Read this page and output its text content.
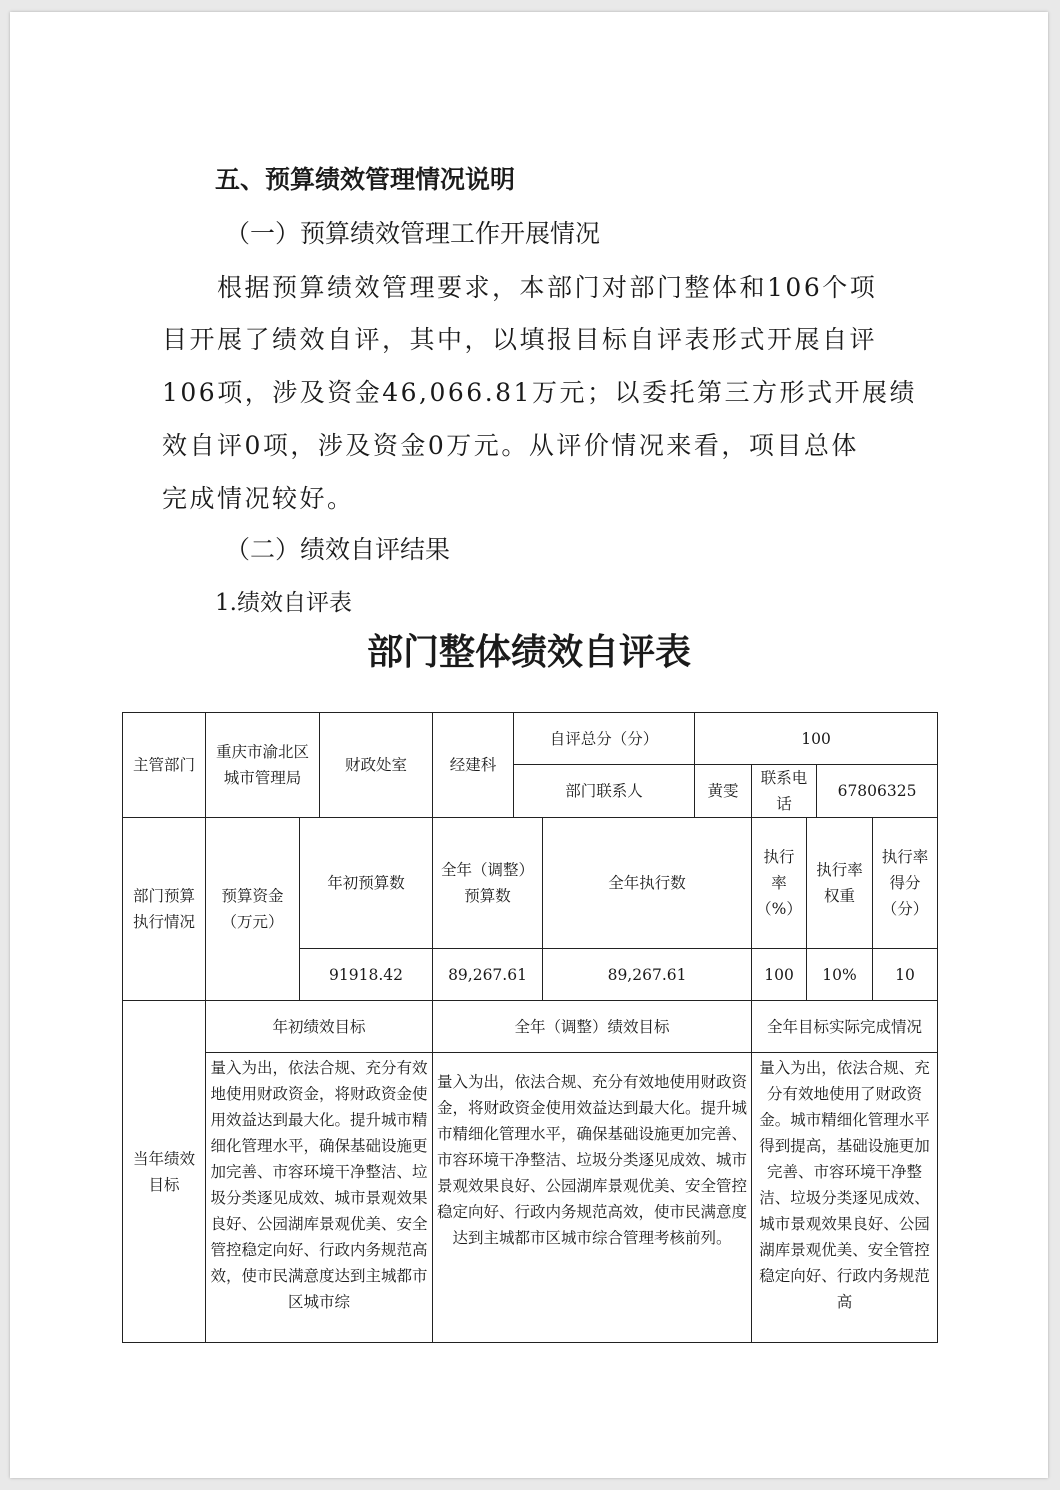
五、预算绩效管理情况说明
（一）预算绩效管理工作开展情况
根据预算绩效管理要求，本部门对部门整体和106个项
目开展了绩效自评，其中，以填报目标自评表形式开展自评
106项，涉及资金46,066.81万元；以委托第三方形式开展绩
效自评0项，涉及资金0万元。从评价情况来看，项目总体
完成情况较好。
（二）绩效自评结果
1.绩效自评表
部门整体绩效自评表
主管部门	重庆市渝北区城市管理局		财政处室	经建科	自评总分（分）		100				
					部门联系人		黄雯	联系电话		67806325	
部门预算执行情况	预算资金（万元）	年初预算数		全年（调整）预算数		全年执行数		执行率（%）	执行率权重		执行率得分（分）
		91918.42		89,267.61		89,267.61		100	10%		10
当年绩效目标	年初绩效目标			全年（调整）绩效目标				全年目标实际完成情况			

	量入为出，依法合规、充分有效地使用财政资金，将财政资金使用效益达到最大化。提升城市精细化管理水平，确保基础设施更加完善、市容环境干净整洁、垃圾分类逐见成效、城市景观效果良好、公园湖库景观优美、安全管控稳定向好、行政内务规范高效，使市民满意度达到主城都市区城市综			量入为出，依法合规、充分有效地使用财政资金，将财政资金使用效益达到最大化。提升城市精细化管理水平，确保基础设施更加完善、市容环境干净整洁、垃圾分类逐见成效、城市景观效果良好、公园湖库景观优美、安全管控稳定向好、行政内务规范高效，使市民满意度达到主城都市区城市综合管理考核前列。				量入为出，依法合规、充分有效地使用了财政资金。城市精细化管理水平得到提高，基础设施更加完善、市容环境干净整洁、垃圾分类逐见成效、城市景观效果良好、公园湖库景观优美、安全管控稳定向好、行政内务规范高			
